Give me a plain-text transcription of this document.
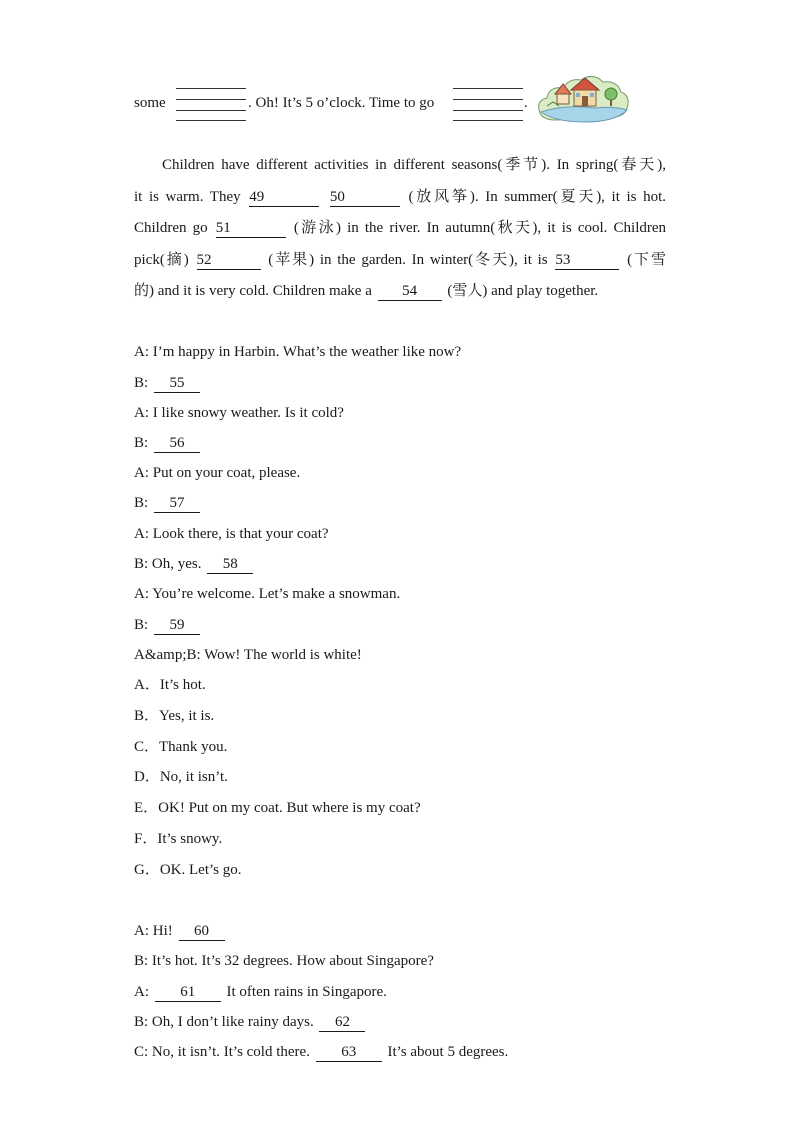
some	. Oh! It’s 5 o’clock. Time to go	.
Children have different activities in different seasons(季节). In spring(春天),
it is warm. They 49	50	(放风筝). In summer(夏天), it is hot.
Children go 51	(游泳) in the river. In autumn(秋天), it is cool. Children
pick(摘) 52	(苹果) in the garden. In winter(冬天), it is 53	(下雪
的) and it is very cold. Children make a 54 (雪人) and play together.
A: I’m happy in Harbin. What’s the weather like now?
B: 55
A: I like snowy weather. Is it cold?
B: 56
A: Put on your coat, please.
B: 57
A: Look there, is that your coat?
B: Oh, yes. 58
A: You’re welcome. Let’s make a snowman.
B: 59
A&amp;B: Wow! The world is white!
A．It’s hot.
B．Yes, it is.
C．Thank you.
D．No, it isn’t.
E．OK! Put on my coat. But where is my coat?
F．It’s snowy.
G．OK. Let’s go.
A: Hi! 60
B: It’s hot. It’s 32 degrees. How about Singapore?
A: 61 It often rains in Singapore.
B: Oh, I don’t like rainy days. 62
C: No, it isn’t. It’s cold there. 63 It’s about 5 degrees.
